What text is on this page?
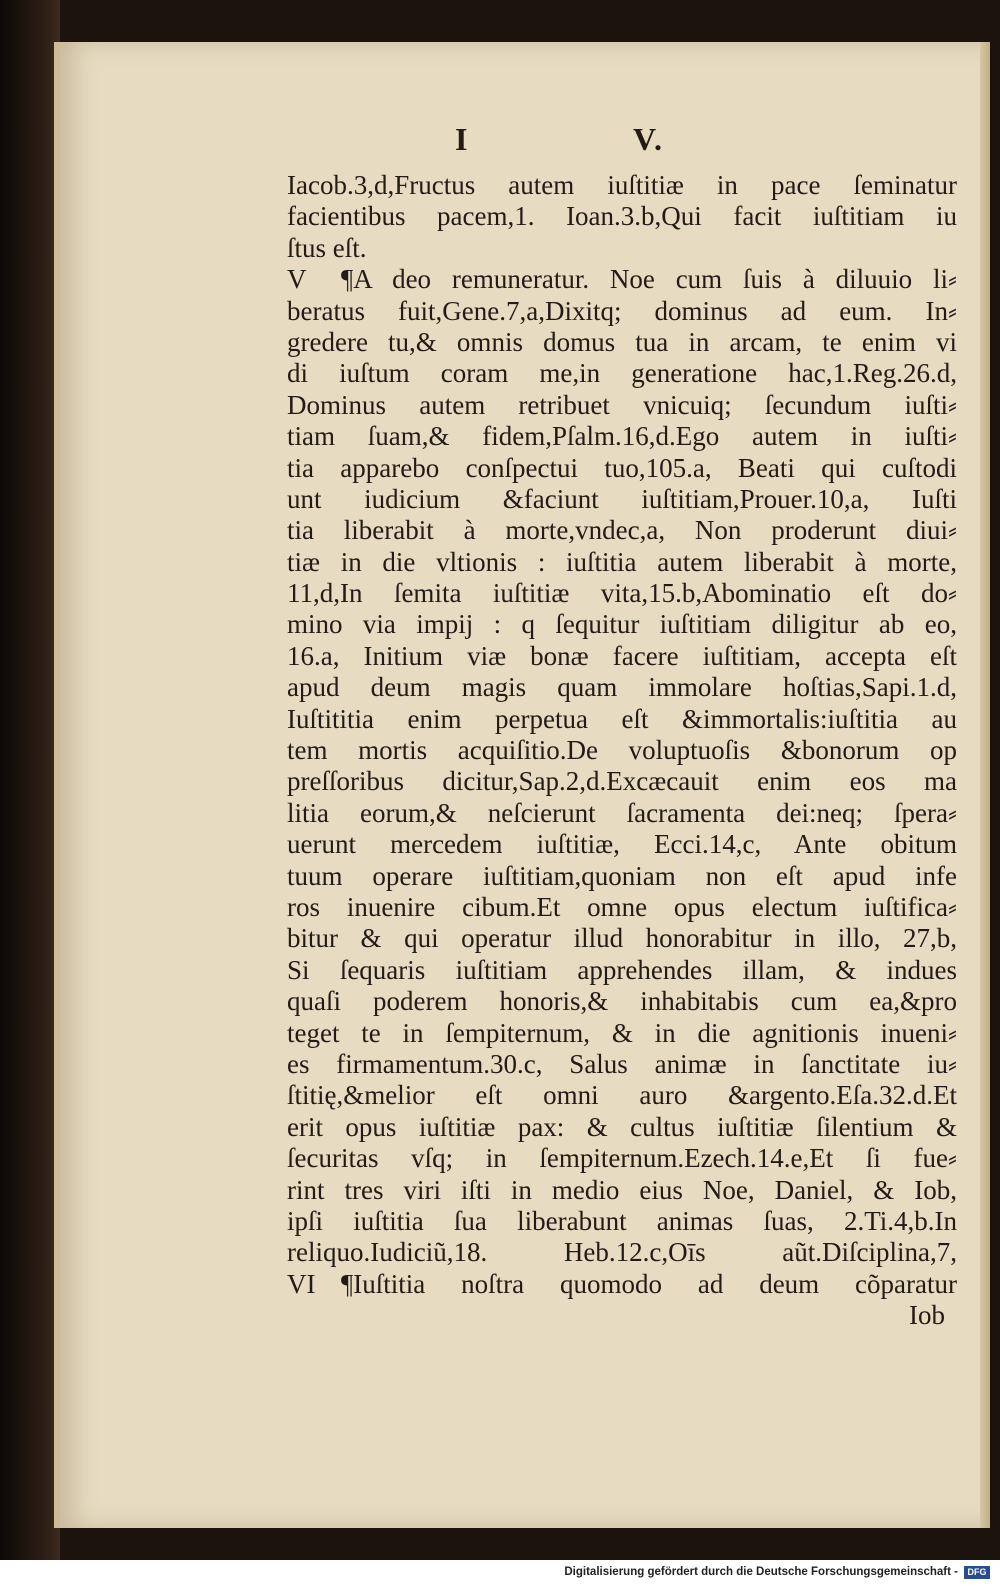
I	V.
Iacob.3,d,Fructus autem iuſtitiæ in pace ſeminatur
facientibus pacem,1. Ioan.3.b,Qui facit iuſtitiam iu
ſtus eſt.
V	¶A deo remuneratur. Noe cum ſuis à diluuio li⸗
beratus fuit,Gene.7,a,Dixitq; dominus ad eum. In⸗
gredere tu,& omnis domus tua in arcam, te enim vi
di iuſtum coram me,in generatione hac,1.Reg.26.d,
Dominus autem retribuet vnicuiq; ſecundum iuſti⸗
tiam ſuam,& fidem,Pſalm.16,d.Ego autem in iuſti⸗
tia apparebo conſpectui tuo,105.a, Beati qui cuſtodi
unt iudicium &faciunt iuſtitiam,Prouer.10,a, Iuſti
tia liberabit à morte,vndec,a, Non proderunt diui⸗
tiæ in die vltionis : iuſtitia autem liberabit à morte,
11,d,In ſemita iuſtitiæ vita,15.b,Abominatio eſt do⸗
mino via impij : q ſequitur iuſtitiam diligitur ab eo,
16.a, Initium viæ bonæ facere iuſtitiam, accepta eſt
apud deum magis quam immolare hoſtias,Sapi.1.d,
Iuſtititia enim perpetua eſt &immortalis:iuſtitia au
tem mortis acquiſitio.De voluptuoſis &bonorum op
preſſoribus dicitur,Sap.2,d.Excæcauit enim eos ma
litia eorum,& neſcierunt ſacramenta dei:neq; ſpera⸗
uerunt mercedem iuſtitiæ, Ecci.14,c, Ante obitum
tuum operare iuſtitiam,quoniam non eſt apud infe
ros inuenire cibum.Et omne opus electum iuſtifica⸗
bitur & qui operatur illud honorabitur in illo, 27,b,
Si ſequaris iuſtitiam apprehendes illam, & indues
quaſi poderem honoris,& inhabitabis cum ea,&pro
teget te in ſempiternum, & in die agnitionis inueni⸗
es firmamentum.30.c, Salus animæ in ſanctitate iu⸗
ſtitię,&melior eſt omni auro &argento.Eſa.32.d.Et
erit opus iuſtitiæ pax: & cultus iuſtitiæ ſilentium &
ſecuritas vſq; in ſempiternum.Ezech.14.e,Et ſi fue⸗
rint tres viri iſti in medio eius Noe, Daniel, & Iob,
ipſi iuſtitia ſua liberabunt animas ſuas, 2.Ti.4,b.In
reliquo.Iudiciũ,18. Heb.12.c,Oīs aũt.Diſciplina,7,
VI ¶Iuſtitia noſtra quomodo ad deum cõparatur
Iob
Digitalisierung gefördert durch die Deutsche Forschungsgemeinschaft -	DFG
